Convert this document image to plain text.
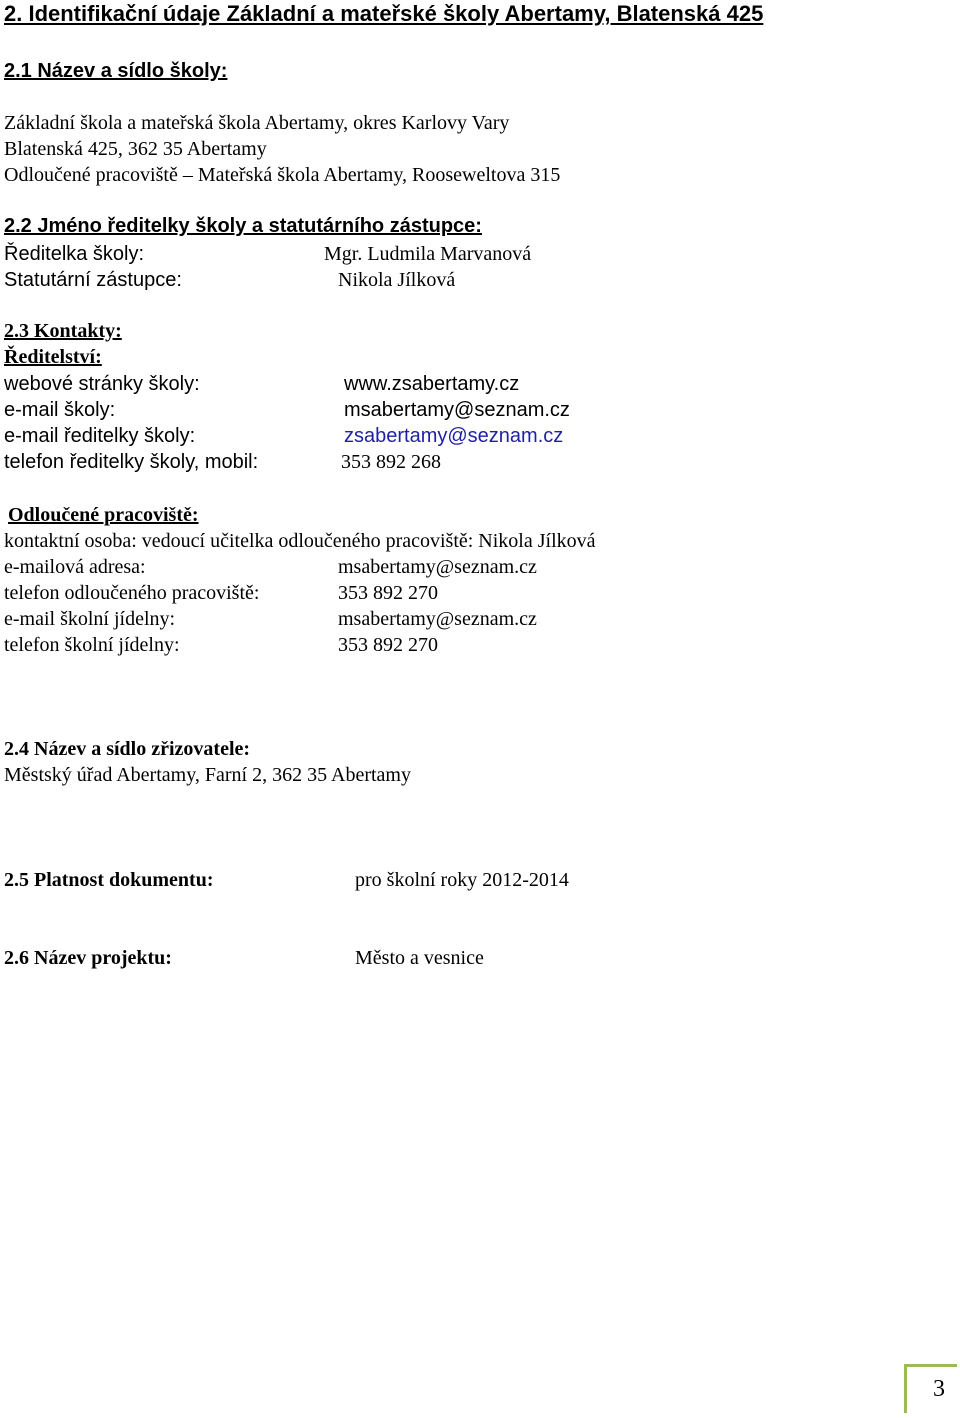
2. Identifikační údaje Základní a mateřské školy Abertamy, Blatenská 425
2.1 Název a sídlo školy:
Základní škola a mateřská škola Abertamy, okres Karlovy Vary
Blatenská 425, 362 35 Abertamy
Odloučené pracoviště – Mateřská škola Abertamy, Rooseweltova 315
2.2 Jméno ředitelky školy a statutárního zástupce:
Ředitelka školy:	Mgr. Ludmila Marvanová
Statutární zástupce:	Nikola Jílková
2.3 Kontakty:
Ředitelství:
webové stránky školy:	www.zsabertamy.cz
e-mail školy:	msabertamy@seznam.cz
e-mail ředitelky školy:	zsabertamy@seznam.cz
telefon ředitelky školy, mobil:	353 892 268
Odloučené pracoviště:
kontaktní osoba: vedoucí učitelka odloučeného pracoviště: Nikola Jílková
e-mailová adresa:	msabertamy@seznam.cz
telefon odloučeného pracoviště:	353 892 270
e-mail školní jídelny:	msabertamy@seznam.cz
telefon školní jídelny:	353 892 270
2.4 Název a sídlo zřizovatele:
Městský úřad Abertamy, Farní 2, 362 35 Abertamy
2.5 Platnost dokumentu:	pro školní roky 2012-2014
2.6 Název projektu:	Město a vesnice
3
